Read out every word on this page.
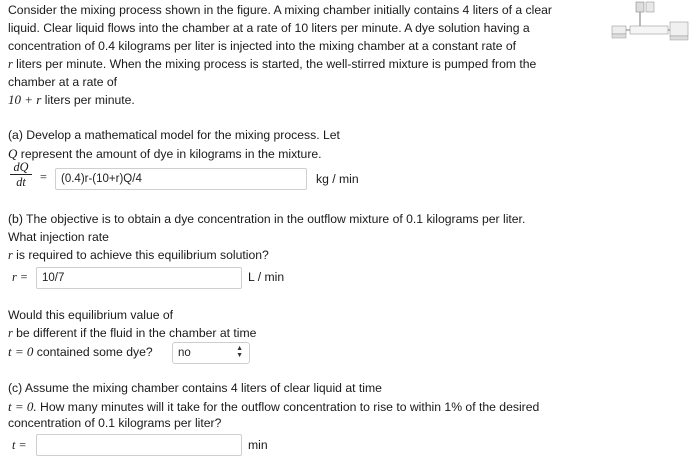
Consider the mixing process shown in the figure. A mixing chamber initially contains 4 liters of a clear
liquid. Clear liquid flows into the chamber at a rate of 10 liters per minute. A dye solution having a
concentration of 0.4 kilograms per liter is injected into the mixing chamber at a constant rate of
r liters per minute. When the mixing process is started, the well-stirred mixture is pumped from the
chamber at a rate of
10 + r liters per minute.
(a) Develop a mathematical model for the mixing process. Let
Q represent the amount of dye in kilograms in the mixture.
$\frac{dQ}{dt}$ =	(0.4)r-(10+r)Q/4	kg / min
(b) The objective is to obtain a dye concentration in the outflow mixture of 0.1 kilograms per liter.
What injection rate
r is required to achieve this equilibrium solution?
r =	10/7	L / min
Would this equilibrium value of
r be different if the fluid in the chamber at time
t = 0 contained some dye?	no	▲
▼
(c) Assume the mixing chamber contains 4 liters of clear liquid at time
t = 0. How many minutes will it take for the outflow concentration to rise to within 1% of the desired
concentration of 0.1 kilograms per liter?
t =	min
